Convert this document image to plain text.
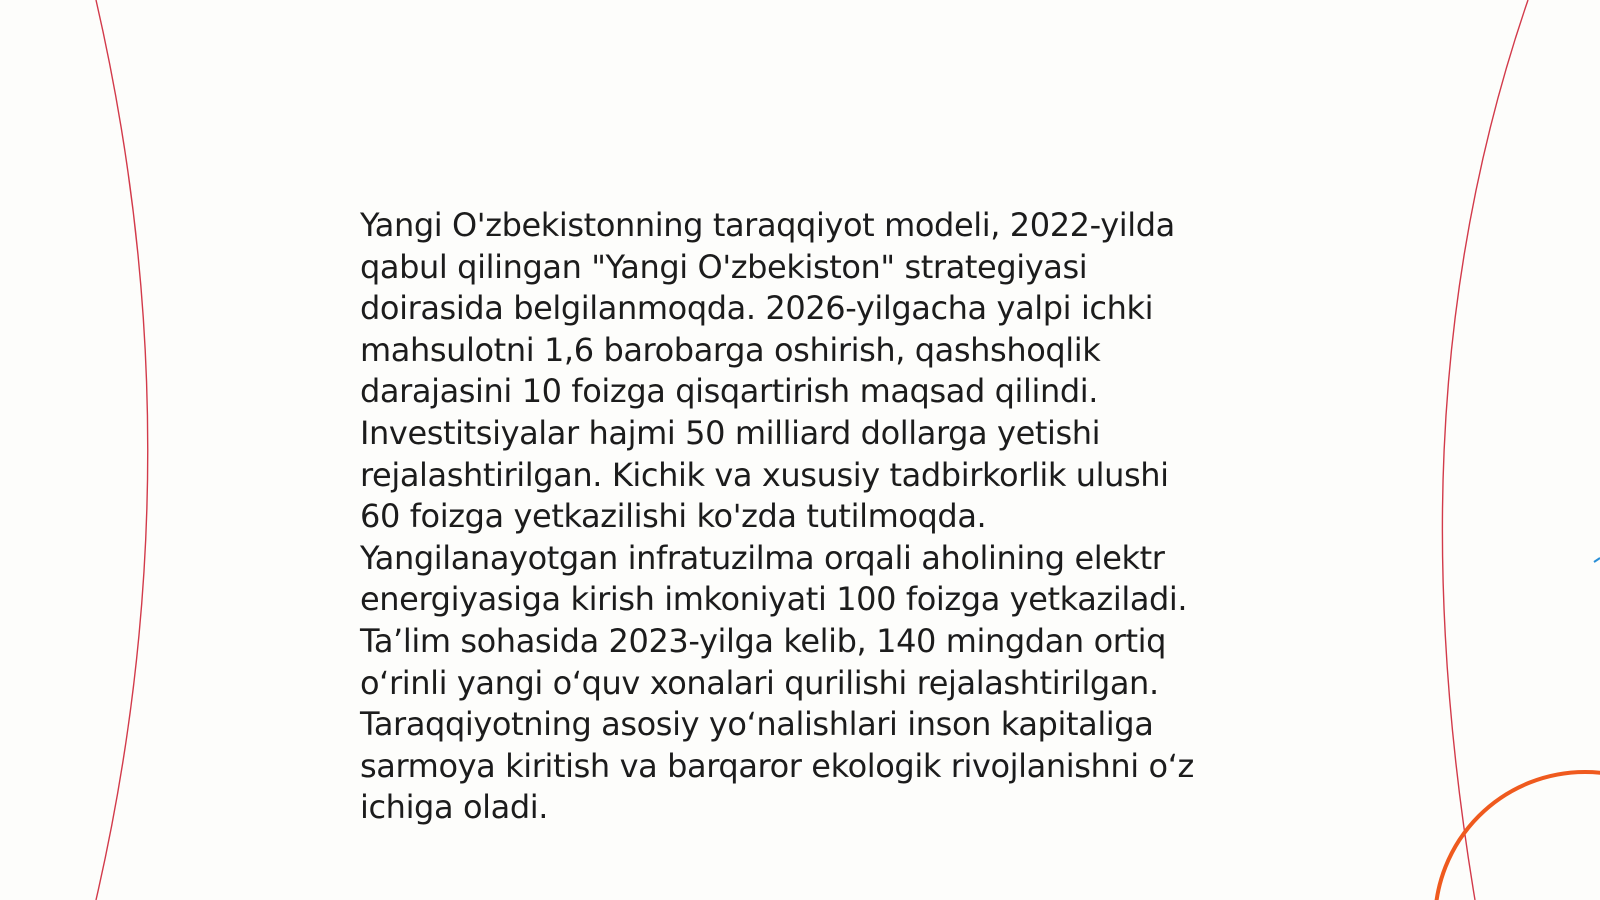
Yangi O'zbekistonning taraqqiyot modeli, 2022-yilda
qabul qilingan "Yangi O'zbekiston" strategiyasi
doirasida belgilanmoqda. 2026-yilgacha yalpi ichki
mahsulotni 1,6 barobarga oshirish, qashshoqlik
darajasini 10 foizga qisqartirish maqsad qilindi.
Investitsiyalar hajmi 50 milliard dollarga yetishi
rejalashtirilgan. Kichik va xususiy tadbirkorlik ulushi
60 foizga yetkazilishi ko'zda tutilmoqda.
Yangilanayotgan infratuzilma orqali aholining elektr
energiyasiga kirish imkoniyati 100 foizga yetkaziladi.
Ta’lim sohasida 2023-yilga kelib, 140 mingdan ortiq
o‘rinli yangi o‘quv xonalari qurilishi rejalashtirilgan.
Taraqqiyotning asosiy yo‘nalishlari inson kapitaliga
sarmoya kiritish va barqaror ekologik rivojlanishni o‘z
ichiga oladi.
